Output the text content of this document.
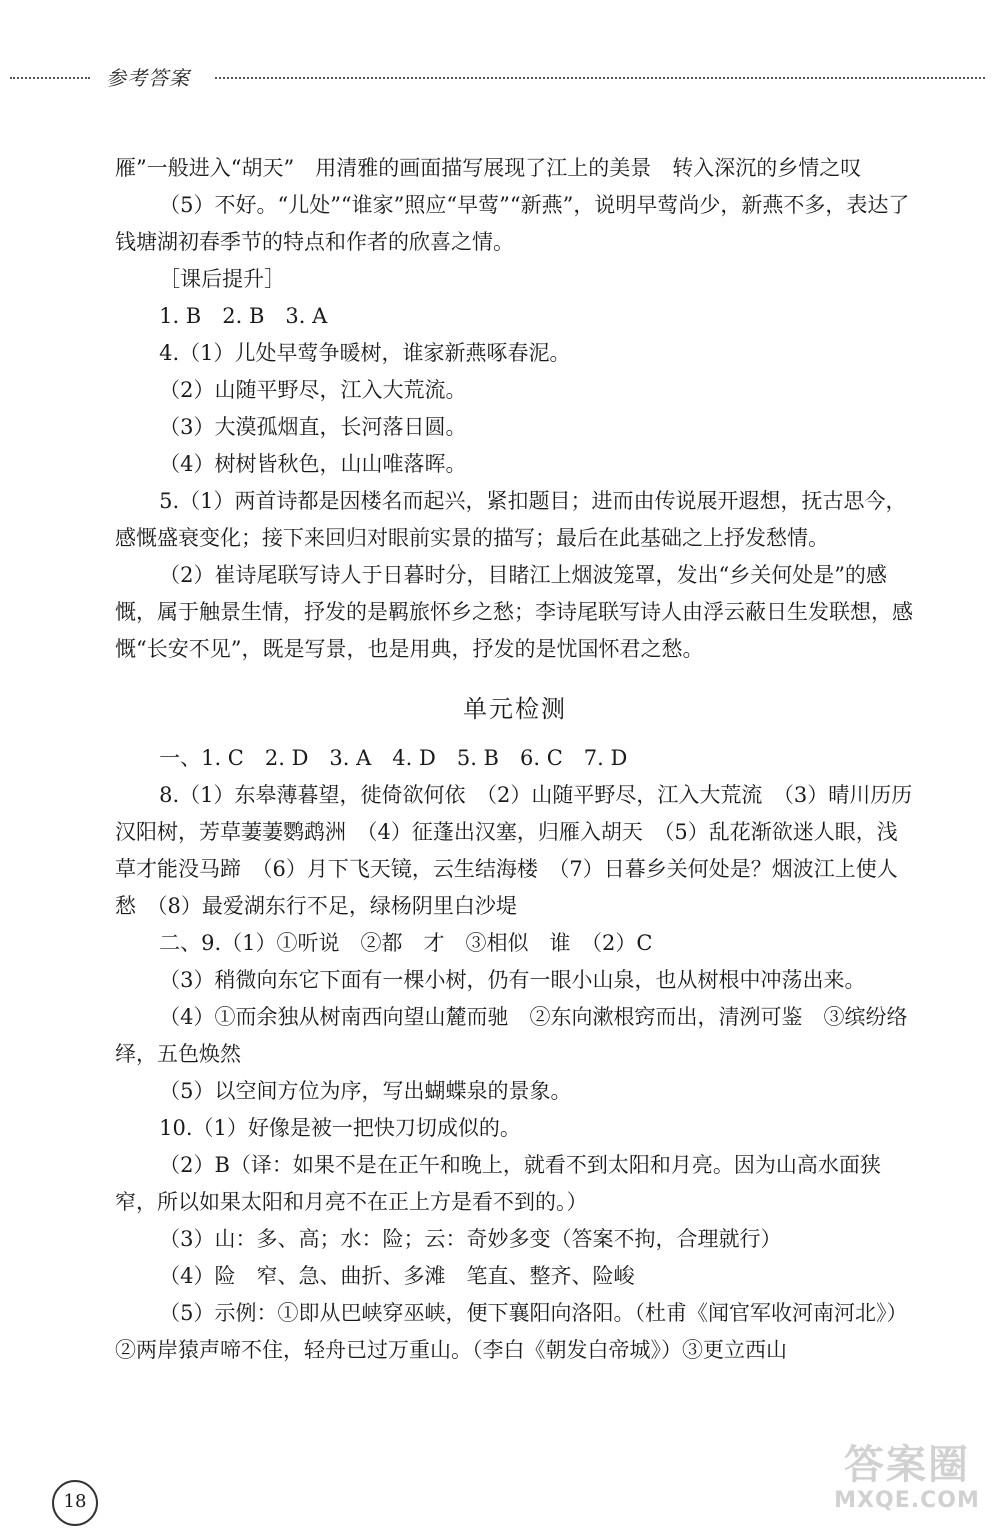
参考答案

雁”一般进入“胡天”　用清雅的画面描写展现了江上的美景　转入深沉的乡情之叹

（5）不好。“儿处”“谁家”照应“早莺”“新燕”，说明早莺尚少，新燕不多，表达了钱塘湖初春季节的特点和作者的欣喜之情。

［课后提升］

1. B　2. B　3. A

4.（1）儿处早莺争暖树，谁家新燕啄春泥。

（2）山随平野尽，江入大荒流。

（3）大漠孤烟直，长河落日圆。

（4）树树皆秋色，山山唯落晖。

5.（1）两首诗都是因楼名而起兴，紧扣题目；进而由传说展开遐想，抚古思今，感慨盛衰变化；接下来回归对眼前实景的描写；最后在此基础之上抒发愁情。

（2）崔诗尾联写诗人于日暮时分，目睹江上烟波笼罩，发出“乡关何处是”的感慨，属于触景生情，抒发的是羁旅怀乡之愁；李诗尾联写诗人由浮云蔽日生发联想，感慨“长安不见”，既是写景，也是用典，抒发的是忧国怀君之愁。

单元检测

一、1. C　2. D　3. A　4. D　5. B　6. C　7. D

8.（1）东皋薄暮望，徙倚欲何依　（2）山随平野尽，江入大荒流　（3）晴川历历汉阳树，芳草萋萋鹦鹉洲　（4）征蓬出汉塞，归雁入胡天　（5）乱花渐欲迷人眼，浅草才能没马蹄　（6）月下飞天镜，云生结海楼　（7）日暮乡关何处是？烟波江上使人愁　（8）最爱湖东行不足，绿杨阴里白沙堤

二、9.（1）①听说　②都　才　③相似　谁　（2）C

（3）稍微向东它下面有一棵小树，仍有一眼小山泉，也从树根中冲荡出来。

（4）①而余独从树南西向望山麓而驰　②东向漱根窍而出，清洌可鉴　③缤纷络绎，五色焕然

（5）以空间方位为序，写出蝴蝶泉的景象。

10.（1）好像是被一把快刀切成似的。

（2）B（译：如果不是在正午和晚上，就看不到太阳和月亮。因为山高水面狭窄，所以如果太阳和月亮不在正上方是看不到的。）

（3）山：多、高；水：险；云：奇妙多变（答案不拘，合理就行）

（4）险　窄、急、曲折、多滩　笔直、整齐、险峻

（5）示例：①即从巴峡穿巫峡，便下襄阳向洛阳。（杜甫《闻官军收河南河北》）②两岸猿声啼不住，轻舟已过万重山。（李白《朝发白帝城》）③更立西山

18
答案圈
MXQE.COM
